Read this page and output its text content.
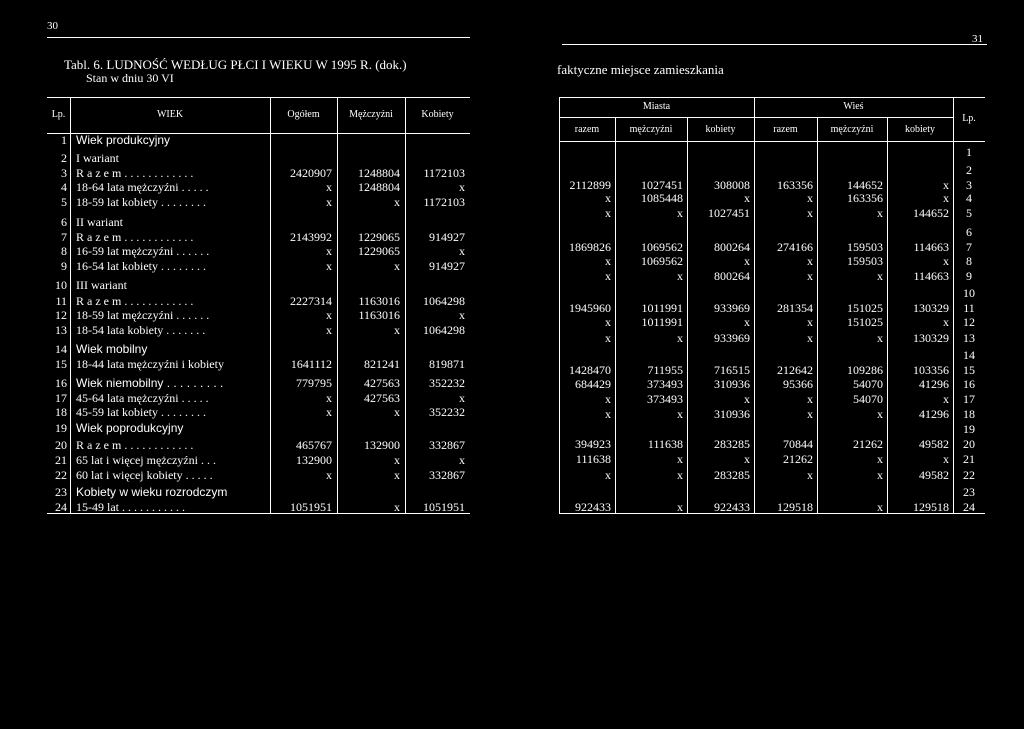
30
Tabl. 6. LUDNOŚĆ WEDŁUG PŁCI I WIEKU W 1995 R. (dok.)
Stan w dniu 30 VI
Lp.	WIEK	Ogółem	Mężczyźni	Kobiety
1 Wiek produkcyjny
2 I wariant
3 R a z e m . . . . . . . . . . . .	2420907	1248804	1172103
4 18-64 lata mężczyźni . . . . .	x	1248804	x
5 18-59 lat kobiety . . . . . . . .	x	x	1172103
6 II wariant
7 R a z e m . . . . . . . . . . . .	2143992	1229065	914927
8 16-59 lat mężczyźni . . . . . .	x	1229065	x
9 16-54 lat kobiety . . . . . . . .	x	x	914927
10 III wariant
11 R a z e m . . . . . . . . . . . .	2227314	1163016	1064298
12 18-59 lat mężczyźni . . . . . .	x	1163016	x
13 18-54 lata kobiety . . . . . . .	x	x	1064298
14 Wiek mobilny
15 18-44 lata mężczyźni i kobiety	1641112	821241	819871
16 Wiek niemobilny . . . . . . . . .	779795	427563	352232
17 45-64 lata mężczyźni . . . . .	x	427563	x
18 45-59 lat kobiety . . . . . . . .	x	x	352232
19 Wiek poprodukcyjny
20 R a z e m . . . . . . . . . . . .	465767	132900	332867
21 65 lat i więcej mężczyźni . . .	132900	x	x
22 60 lat i więcej kobiety . . . . .	x	x	332867
23 Kobiety w wieku rozrodczym
24 15-49 lat . . . . . . . . . . .	1051951	x	1051951
31
faktyczne miejsce zamieszkania
Miasta	Wieś
razem	mężczyźni	kobiety	razem	mężczyźni	kobiety
Lp.
1
2
2112899	1027451	308008	163356	144652	x	3
x	1085448	x	x	163356	x	4
x	x	1027451	x	x	144652	5
6
1869826	1069562	800264	274166	159503	114663	7
x	1069562	x	x	159503	x	8
x	x	800264	x	x	114663	9
10
1945960	1011991	933969	281354	151025	130329	11
x	1011991	x	x	151025	x	12
x	x	933969	x	x	130329	13
14
1428470	711955	716515	212642	109286	103356	15
684429	373493	310936	95366	54070	41296	16
x	373493	x	x	54070	x	17
x	x	310936	x	x	41296	18
19
394923	111638	283285	70844	21262	49582	20
111638	x	x	21262	x	x	21
x	x	283285	x	x	49582	22
23
922433	x	922433	129518	x	129518	24
